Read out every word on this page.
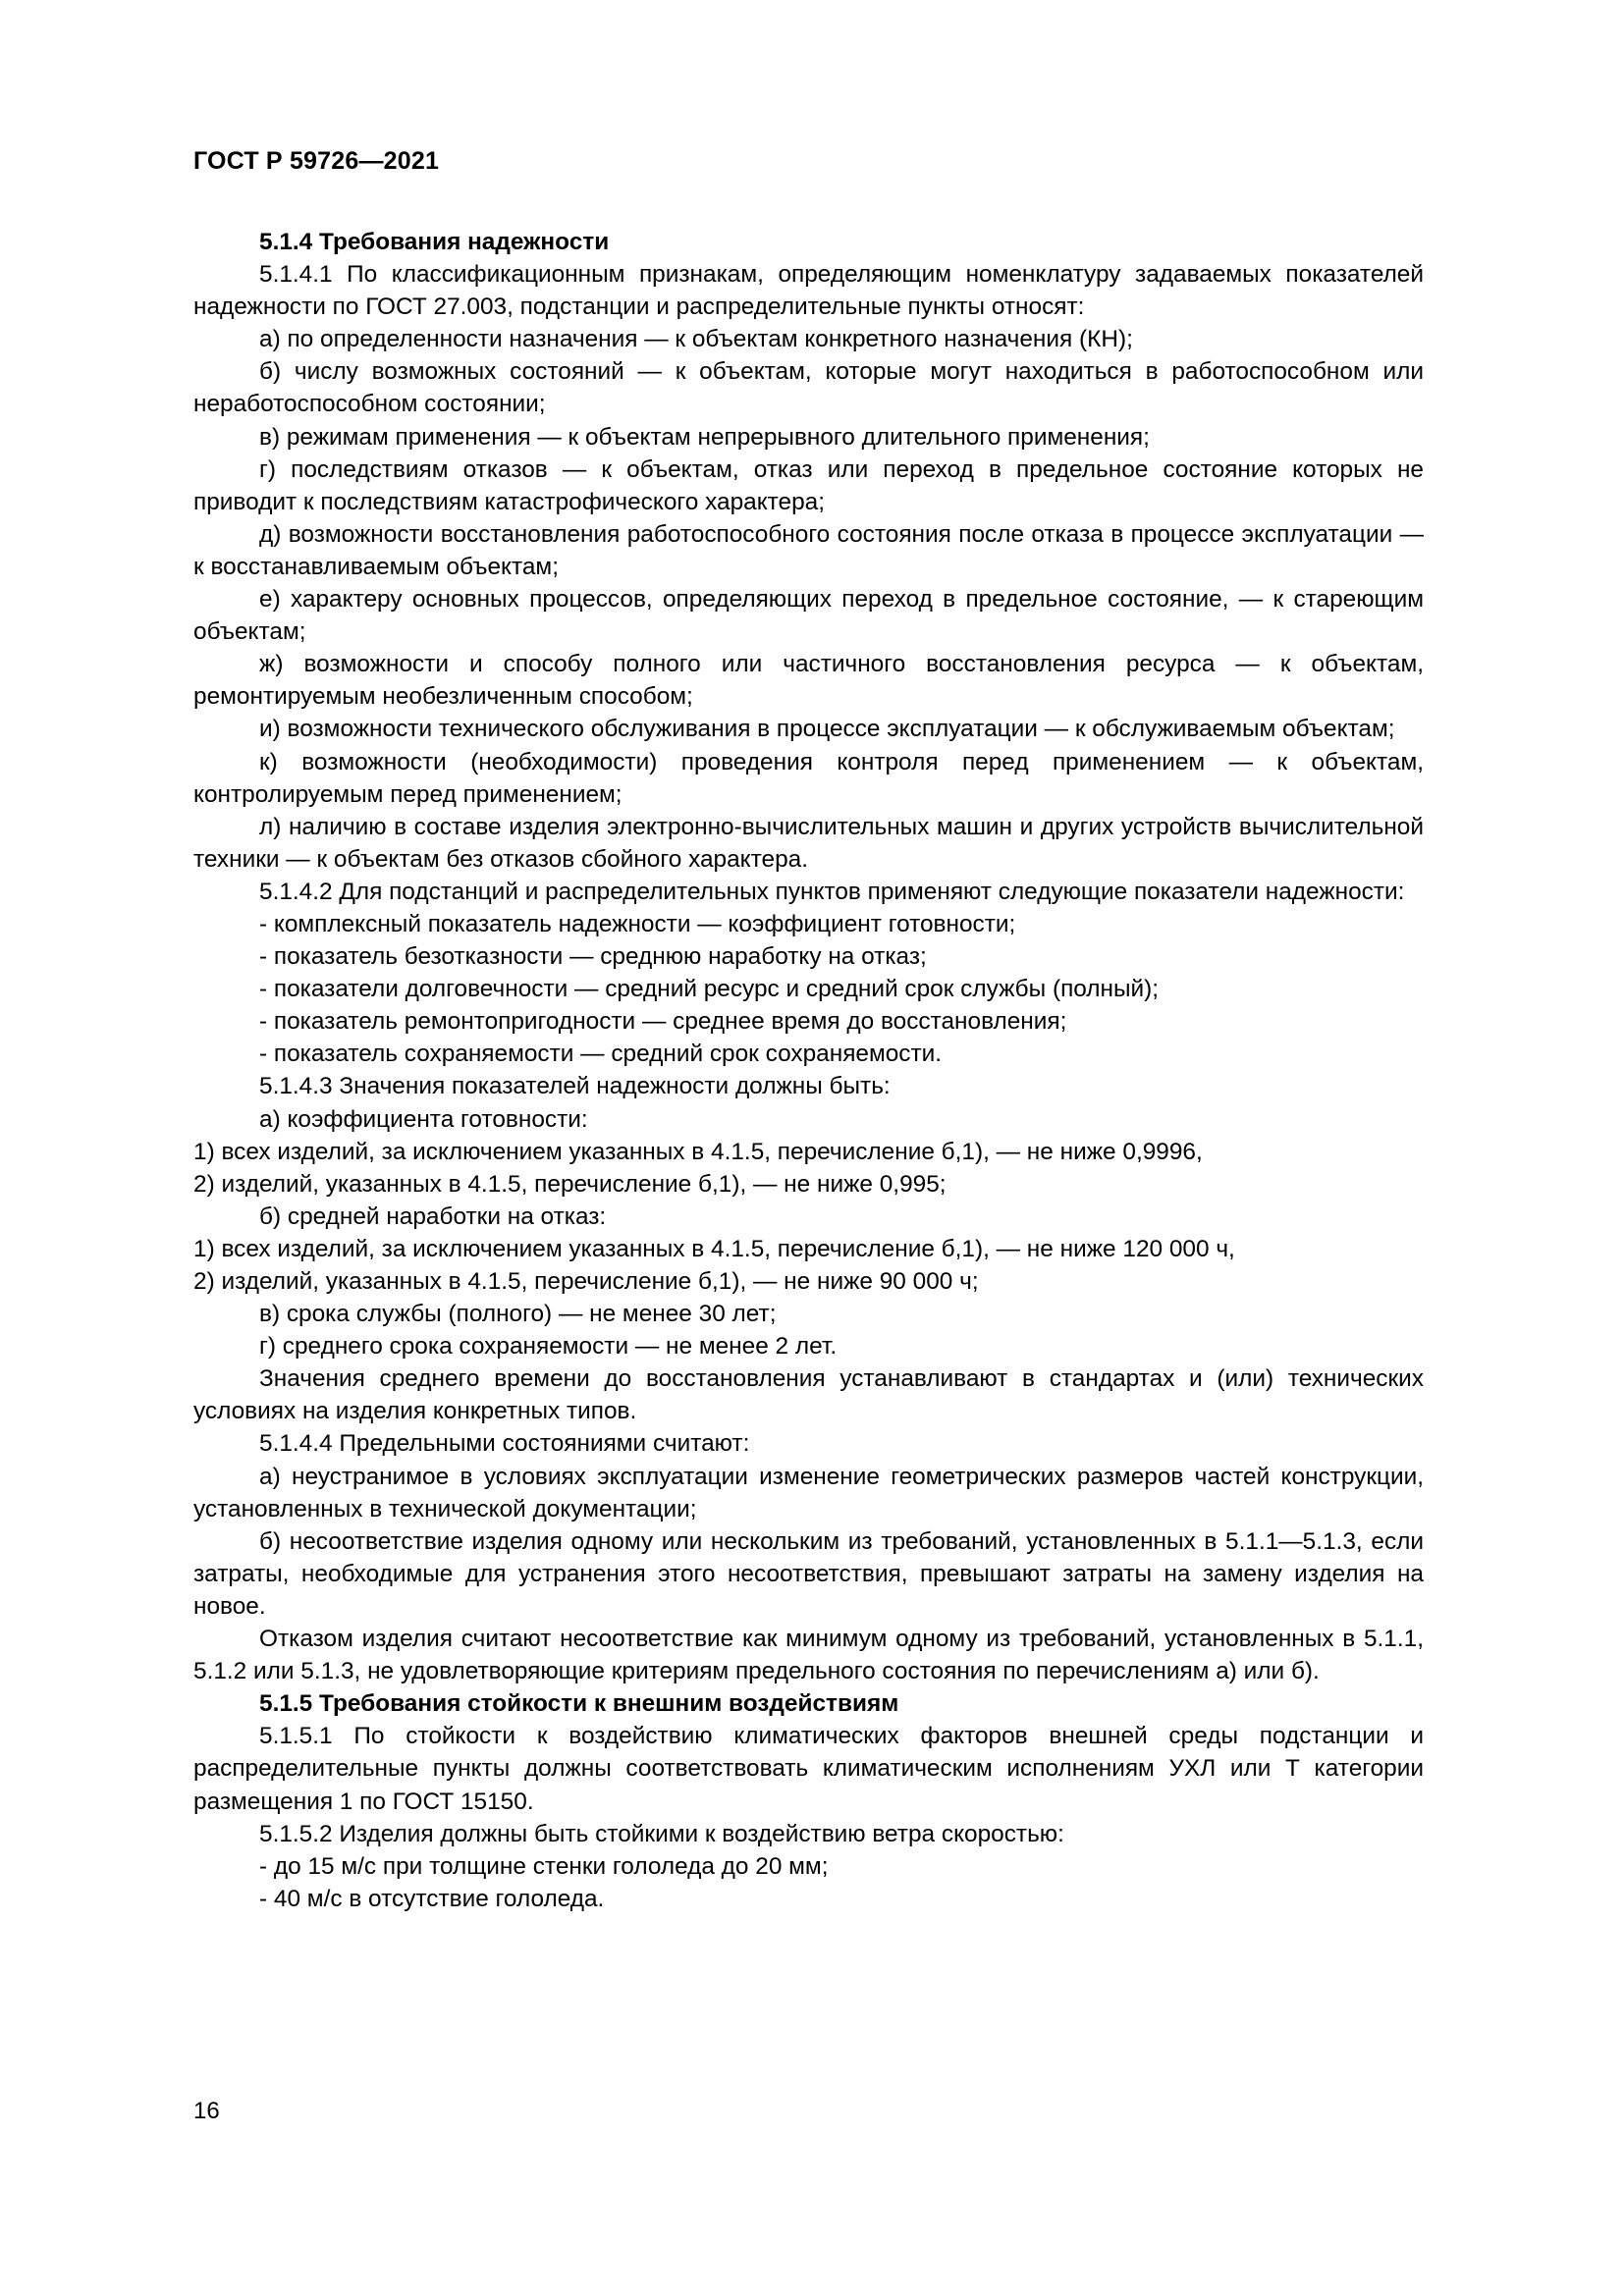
ГОСТ Р 59726—2021

5.1.4 Требования надежности

5.1.4.1 По классификационным признакам, определяющим номенклатуру задаваемых показателей надежности по ГОСТ 27.003, подстанции и распределительные пункты относят:

а) по определенности назначения — к объектам конкретного назначения (КН);

б) числу возможных состояний — к объектам, которые могут находиться в работоспособном или неработоспособном состоянии;

в) режимам применения — к объектам непрерывного длительного применения;

г) последствиям отказов — к объектам, отказ или переход в предельное состояние которых не приводит к последствиям катастрофического характера;

д) возможности восстановления работоспособного состояния после отказа в процессе эксплуатации — к восстанавливаемым объектам;

е) характеру основных процессов, определяющих переход в предельное состояние, — к стареющим объектам;

ж) возможности и способу полного или частичного восстановления ресурса — к объектам, ремонтируемым необезличенным способом;

и) возможности технического обслуживания в процессе эксплуатации — к обслуживаемым объектам;

к) возможности (необходимости) проведения контроля перед применением — к объектам, контролируемым перед применением;

л) наличию в составе изделия электронно-вычислительных машин и других устройств вычислительной техники — к объектам без отказов сбойного характера.

5.1.4.2 Для подстанций и распределительных пунктов применяют следующие показатели надежности:

- комплексный показатель надежности — коэффициент готовности;

- показатель безотказности — среднюю наработку на отказ;

- показатели долговечности — средний ресурс и средний срок службы (полный);

- показатель ремонтопригодности — среднее время до восстановления;

- показатель сохраняемости — средний срок сохраняемости.

5.1.4.3 Значения показателей надежности должны быть:

а) коэффициента готовности:

1) всех изделий, за исключением указанных в 4.1.5, перечисление б,1), — не ниже 0,9996,

2) изделий, указанных в 4.1.5, перечисление б,1), — не ниже 0,995;

б) средней наработки на отказ:

1) всех изделий, за исключением указанных в 4.1.5, перечисление б,1), — не ниже 120 000 ч,

2) изделий, указанных в 4.1.5, перечисление б,1), — не ниже 90 000 ч;

в) срока службы (полного) — не менее 30 лет;

г) среднего срока сохраняемости — не менее 2 лет.

Значения среднего времени до восстановления устанавливают в стандартах и (или) технических условиях на изделия конкретных типов.

5.1.4.4 Предельными состояниями считают:

а) неустранимое в условиях эксплуатации изменение геометрических размеров частей конструкции, установленных в технической документации;

б) несоответствие изделия одному или нескольким из требований, установленных в 5.1.1—5.1.3, если затраты, необходимые для устранения этого несоответствия, превышают затраты на замену изделия на новое.

Отказом изделия считают несоответствие как минимум одному из требований, установленных в 5.1.1, 5.1.2 или 5.1.3, не удовлетворяющие критериям предельного состояния по перечислениям а) или б).

5.1.5 Требования стойкости к внешним воздействиям

5.1.5.1 По стойкости к воздействию климатических факторов внешней среды подстанции и распределительные пункты должны соответствовать климатическим исполнениям УХЛ или Т категории размещения 1 по ГОСТ 15150.

5.1.5.2 Изделия должны быть стойкими к воздействию ветра скоростью:

- до 15 м/с при толщине стенки гололеда до 20 мм;

- 40 м/с в отсутствие гололеда.

16
